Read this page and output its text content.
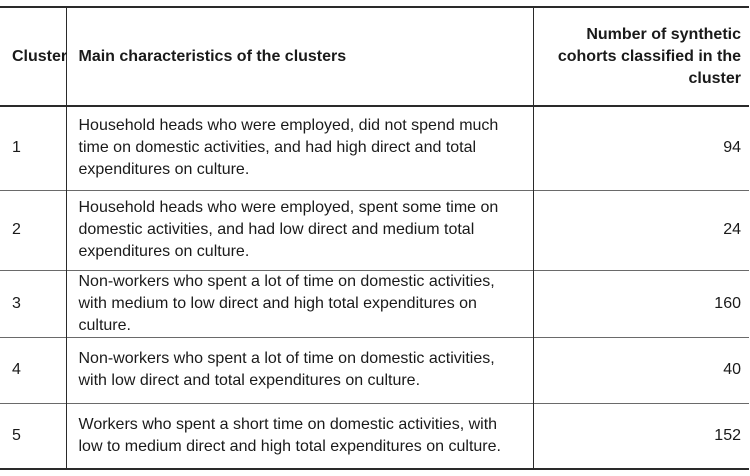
Cluster	Main characteristics of the clusters	Number of synthetic cohorts classified in the cluster
1	Household heads who were employed, did not spend much time on domestic activities, and had high direct and total expenditures on culture.	94
2	Household heads who were employed, spent some time on domestic activities, and had low direct and medium total expenditures on culture.	24
3	Non-workers who spent a lot of time on domestic activities, with medium to low direct and high total expenditures on culture.	160
4	Non-workers who spent a lot of time on domestic activities, with low direct and total expenditures on culture.	40
5	Workers who spent a short time on domestic activities, with low to medium direct and high total expenditures on culture.	152
